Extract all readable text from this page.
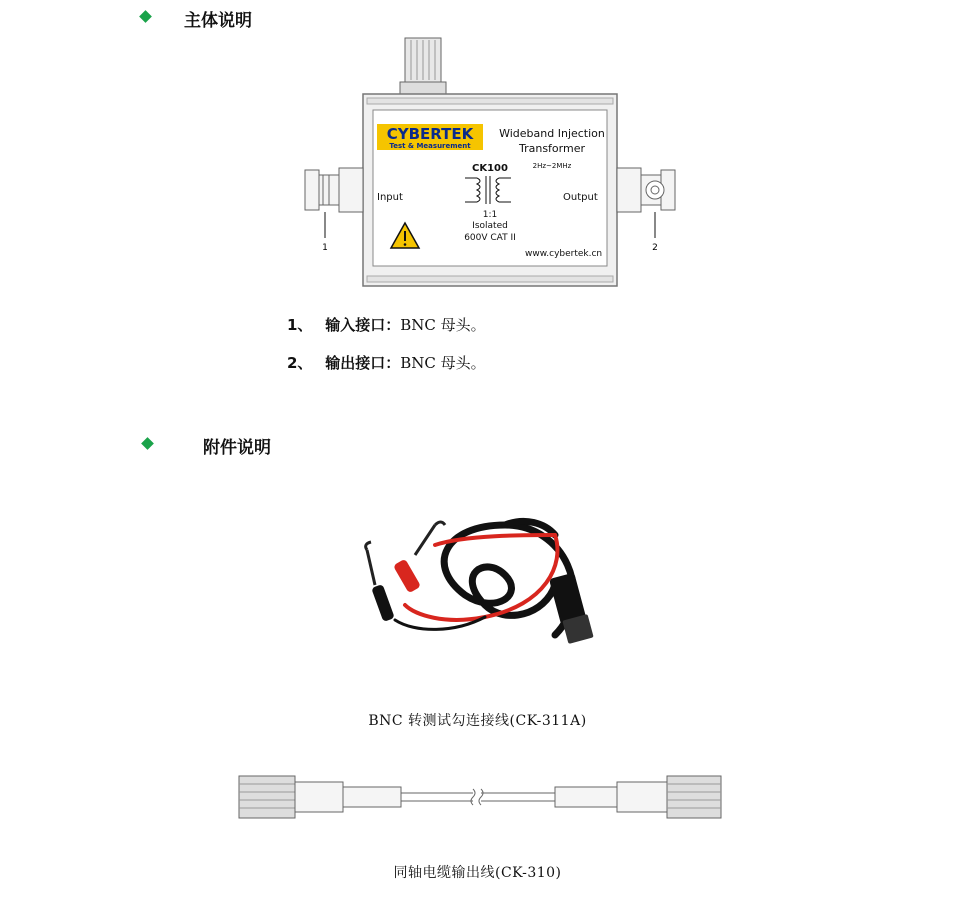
主体说明
CYBERTEK
Test & Measurement
Wideband Injection
Transformer
2Hz~2MHz
CK100
Input	Output
1:1
Isolated
600V CAT II
www.cybertek.cn
1	2
1、 输入接口：BNC 母头。
2、 输出接口：BNC 母头。
附件说明
BNC 转测试勾连接线(CK-311A)
同轴电缆输出线(CK-310)
